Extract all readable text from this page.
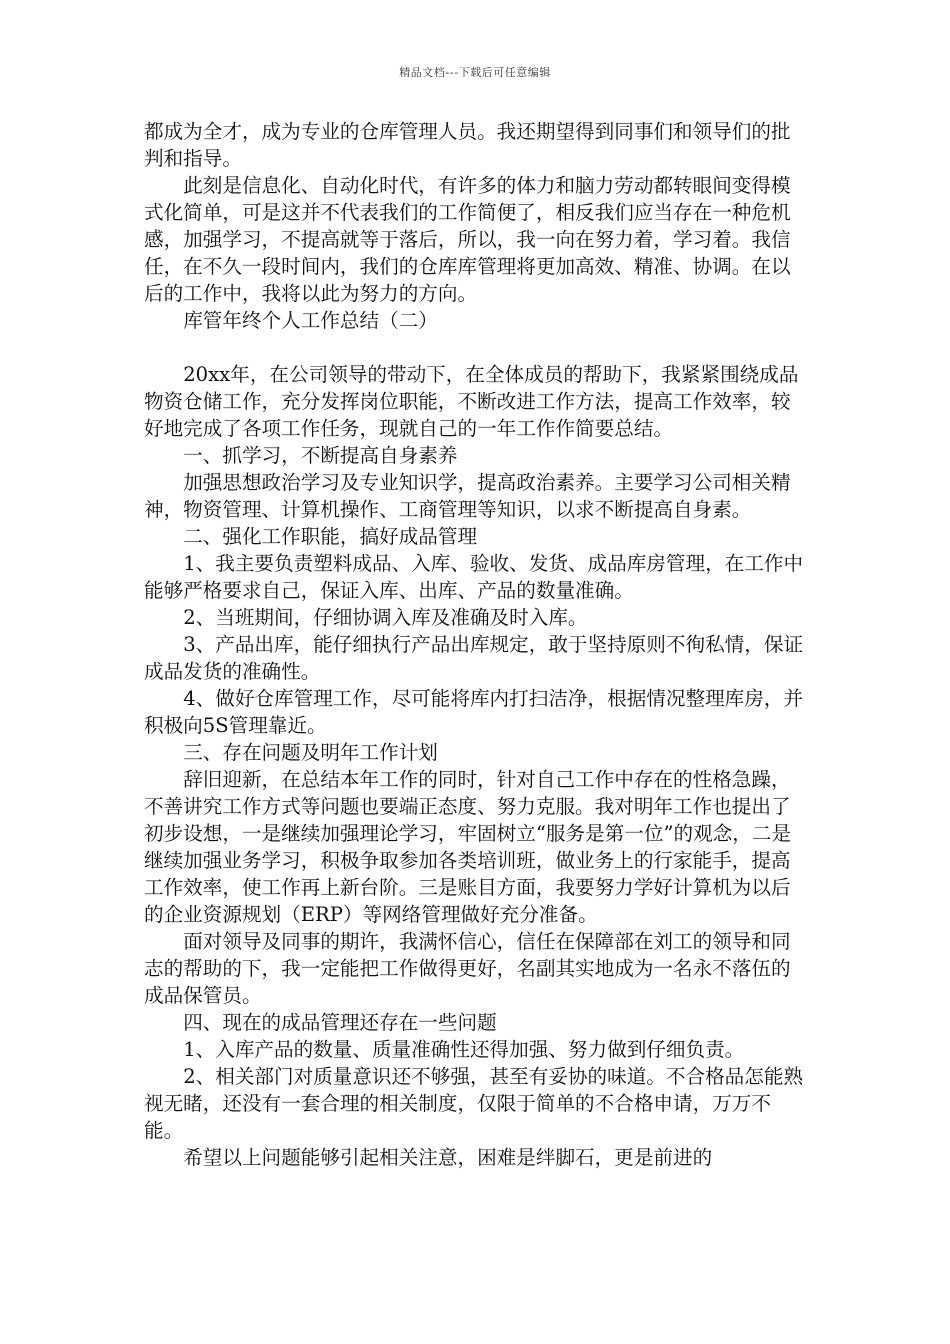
精品文档---下载后可任意编辑

都成为全才，成为专业的仓库管理人员。我还期望得到同事们和领导们的批判和指导。

此刻是信息化、自动化时代，有许多的体力和脑力劳动都转眼间变得模式化简单，可是这并不代表我们的工作简便了，相反我们应当存在一种危机感，加强学习，不提高就等于落后，所以，我一向在努力着，学习着。我信任，在不久一段时间内，我们的仓库库管理将更加高效、精准、协调。在以后的工作中，我将以此为努力的方向。

库管年终个人工作总结（二）

20xx年，在公司领导的带动下，在全体成员的帮助下，我紧紧围绕成品物资仓储工作，充分发挥岗位职能，不断改进工作方法，提高工作效率，较好地完成了各项工作任务，现就自己的一年工作作简要总结。

一、抓学习，不断提高自身素养

加强思想政治学习及专业知识学，提高政治素养。主要学习公司相关精神，物资管理、计算机操作、工商管理等知识，以求不断提高自身素。

二、强化工作职能，搞好成品管理

1、我主要负责塑料成品、入库、验收、发货、成品库房管理，在工作中能够严格要求自己，保证入库、出库、产品的数量准确。

2、当班期间，仔细协调入库及准确及时入库。

3、产品出库，能仔细执行产品出库规定，敢于坚持原则不徇私情，保证成品发货的准确性。

4、做好仓库管理工作，尽可能将库内打扫洁净，根据情况整理库房，并积极向5S管理靠近。

三、存在问题及明年工作计划

辞旧迎新，在总结本年工作的同时，针对自己工作中存在的性格急躁，不善讲究工作方式等问题也要端正态度、努力克服。我对明年工作也提出了初步设想，一是继续加强理论学习，牢固树立“服务是第一位”的观念，二是继续加强业务学习，积极争取参加各类培训班，做业务上的行家能手，提高工作效率，使工作再上新台阶。三是账目方面，我要努力学好计算机为以后的企业资源规划（ERP）等网络管理做好充分准备。

面对领导及同事的期许，我满怀信心，信任在保障部在刘工的领导和同志的帮助的下，我一定能把工作做得更好，名副其实地成为一名永不落伍的成品保管员。

四、现在的成品管理还存在一些问题

1、入库产品的数量、质量准确性还得加强、努力做到仔细负责。

2、相关部门对质量意识还不够强，甚至有妥协的味道。不合格品怎能熟视无睹，还没有一套合理的相关制度，仅限于简单的不合格申请，万万不能。

希望以上问题能够引起相关注意，困难是绊脚石，更是前进的
